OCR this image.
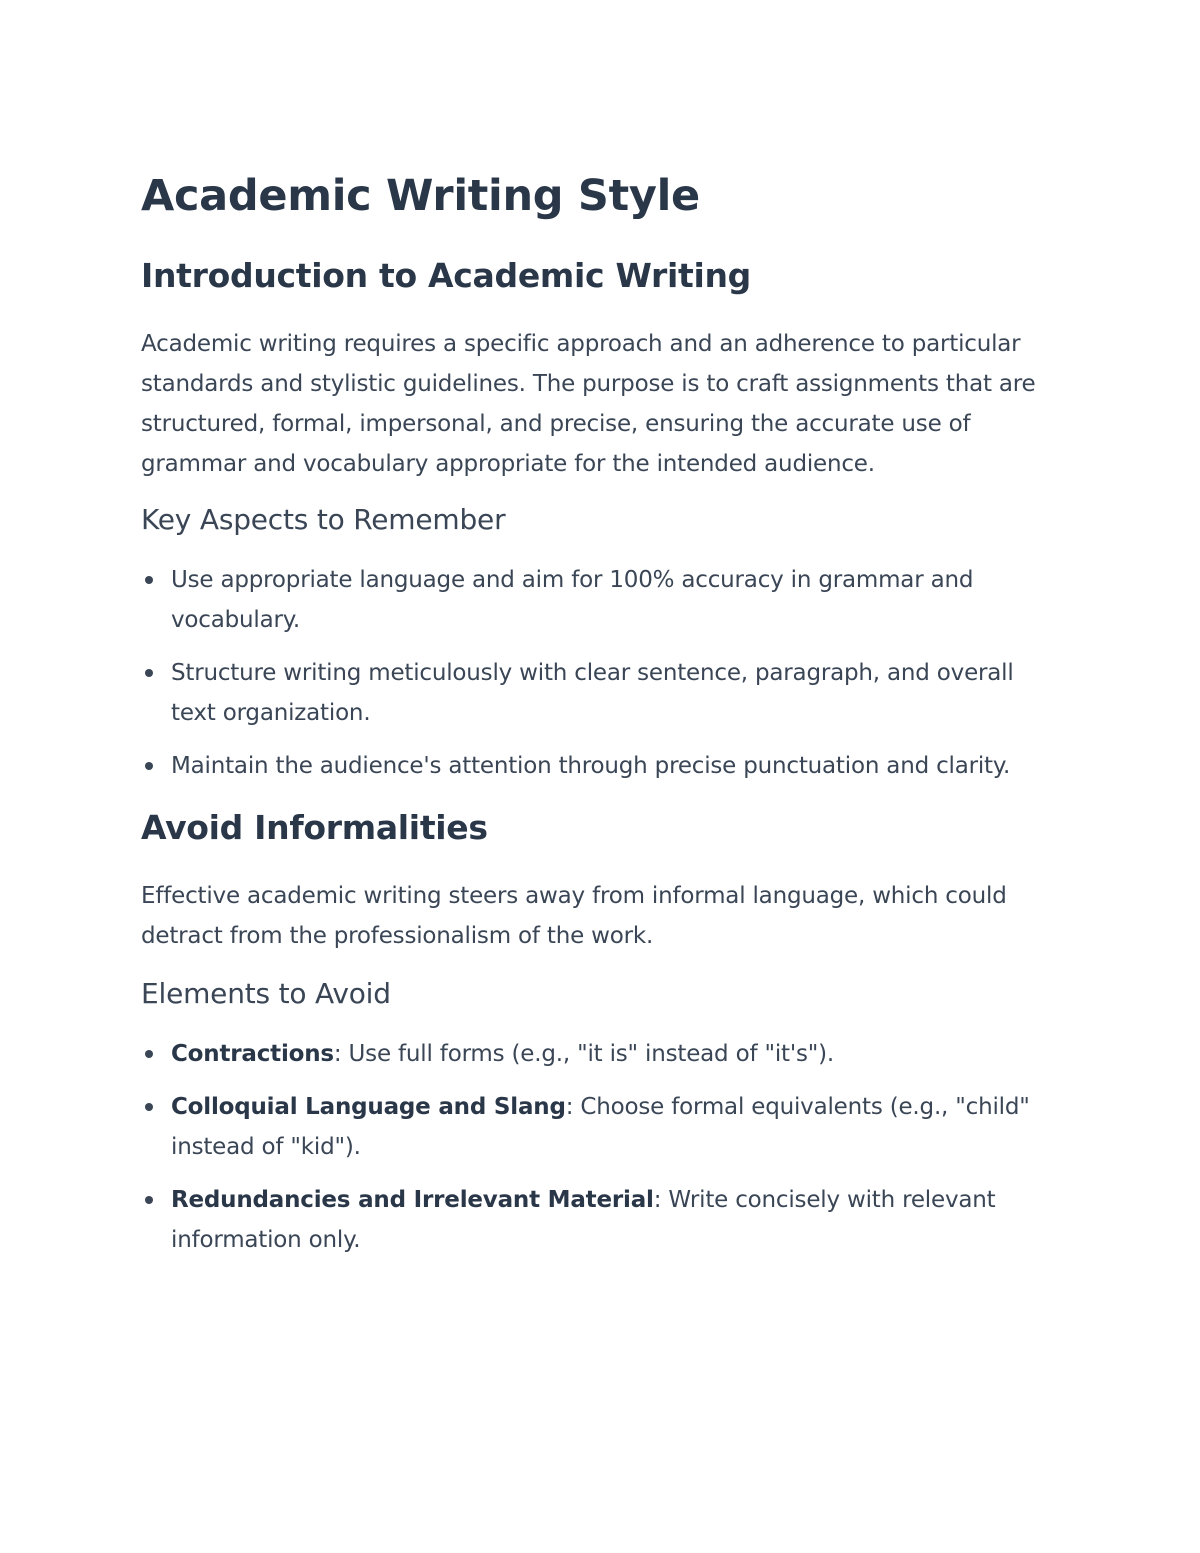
Academic Writing Style
Introduction to Academic Writing

Academic writing requires a specific approach and an adherence to particular standards and stylistic guidelines. The purpose is to craft assignments that are structured, formal, impersonal, and precise, ensuring the accurate use of grammar and vocabulary appropriate for the intended audience.

Key Aspects to Remember
Use appropriate language and aim for 100% accuracy in grammar and vocabulary.
Structure writing meticulously with clear sentence, paragraph, and overall text organization.
Maintain the audience's attention through precise punctuation and clarity.
Avoid Informalities

Effective academic writing steers away from informal language, which could detract from the professionalism of the work.

Elements to Avoid
Contractions: Use full forms (e.g., "it is" instead of "it's").
Colloquial Language and Slang: Choose formal equivalents (e.g., "child" instead of "kid").
Redundancies and Irrelevant Material: Write concisely with relevant information only.
